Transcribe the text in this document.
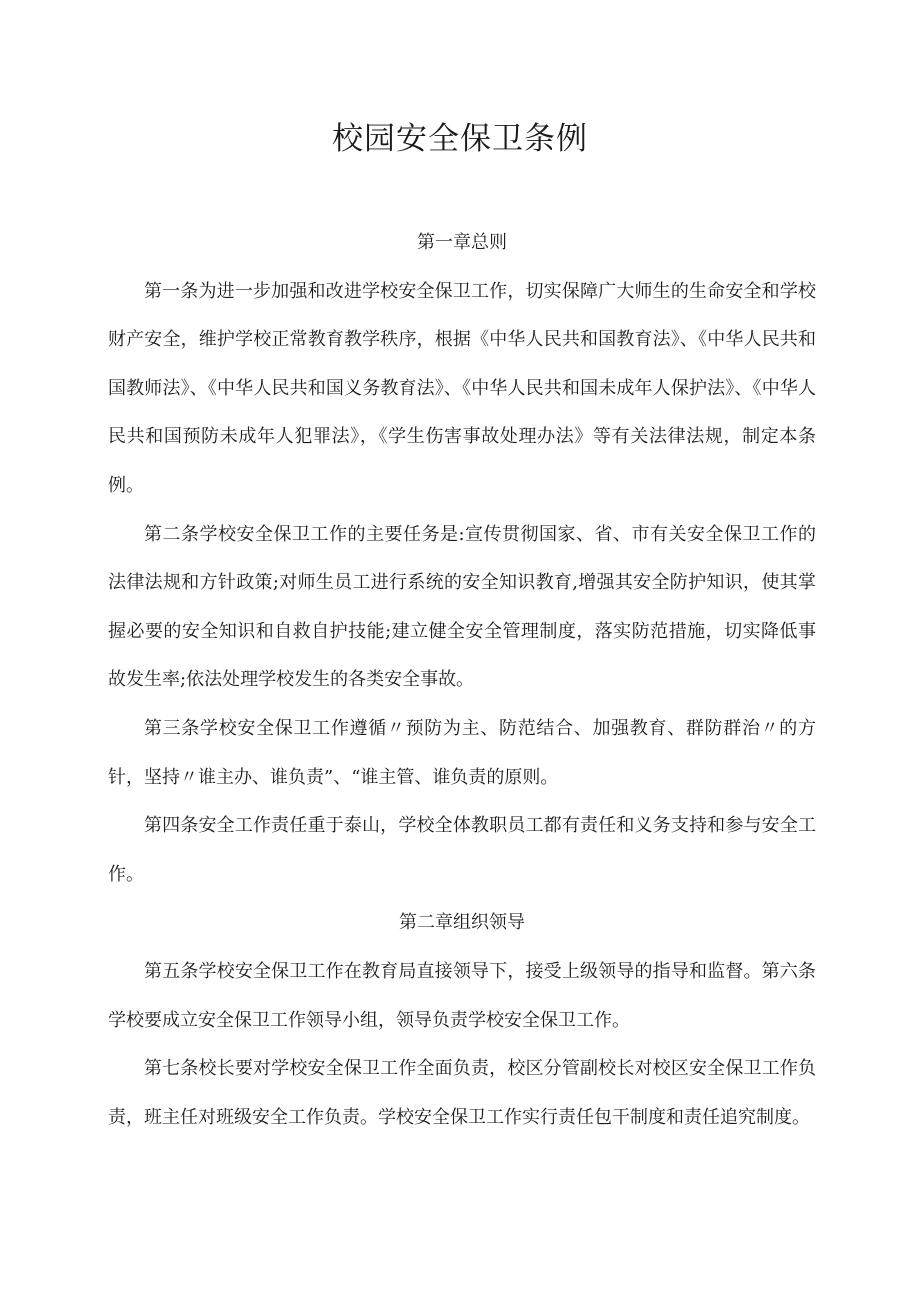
校园安全保卫条例
第一章总则

第一条为进一步加强和改进学校安全保卫工作，切实保障广大师生的生命安全和学校财产安全，维护学校正常教育教学秩序，根据《中华人民共和国教育法》、《中华人民共和国教师法》、《中华人民共和国义务教育法》、《中华人民共和国未成年人保护法》、《中华人民共和国预防未成年人犯罪法》，《学生伤害事故处理办法》等有关法律法规，制定本条例。

第二条学校安全保卫工作的主要任务是:宣传贯彻国家、省、市有关安全保卫工作的法律法规和方针政策;对师生员工进行系统的安全知识教育,增强其安全防护知识，使其掌握必要的安全知识和自救自护技能;建立健全安全管理制度，落实防范措施，切实降低事故发生率;依法处理学校发生的各类安全事故。

第三条学校安全保卫工作遵循〃预防为主、防范结合、加强教育、群防群治〃的方针，坚持〃谁主办、谁负责”、“谁主管、谁负责的原则。

第四条安全工作责任重于泰山，学校全体教职员工都有责任和义务支持和参与安全工作。

第二章组织领导

第五条学校安全保卫工作在教育局直接领导下，接受上级领导的指导和监督。第六条学校要成立安全保卫工作领导小组，领导负责学校安全保卫工作。

第七条校长要对学校安全保卫工作全面负责，校区分管副校长对校区安全保卫工作负责，班主任对班级安全工作负责。学校安全保卫工作实行责任包干制度和责任追究制度。
